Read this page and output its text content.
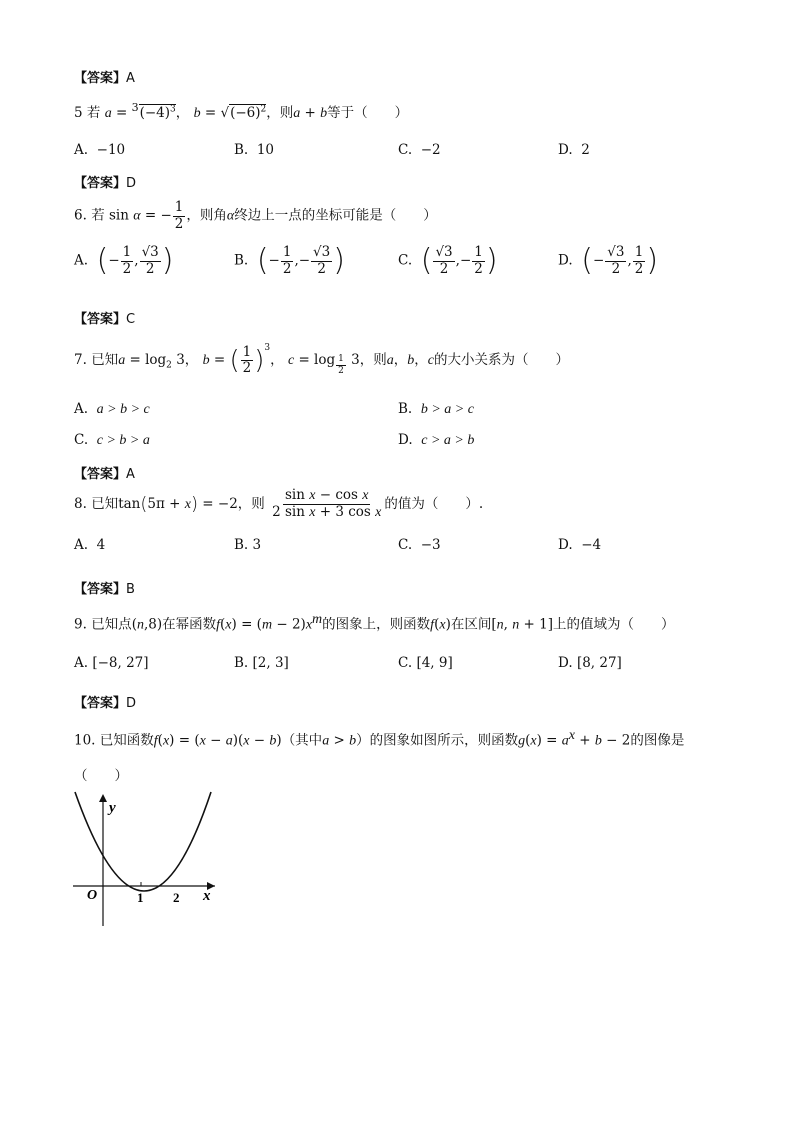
【答案】A
5 若 $a = ^3(-4)^3$， $b = √(-6)^2$，则a + b等于（　　）
A. −10	B. 10	C. −2	D. 2
【答案】D
6. 若 sin α = − $\frac{1}{2}$ ，则角α终边上一点的坐标可能是（　　）
A. (− $\frac{1}{2}$ , $\frac{√3}{2}$ )	B. (− $\frac{1}{2}$ ,− $\frac{√3}{2}$ )	C. ( $\frac{√3}{2}$ ,− $\frac{1}{2}$ )	D. (− $\frac{√3}{2}$ , $\frac{1}{2}$ )
【答案】C
7. 已知$a = \log_2 3$， b = ( $\frac{1}{2} )^3$， c = log $_{\frac{1}{2}}$ 3，则a，b，c的大小关系为（　　）
A. a > b > c	B. b > a > c
C. c > b > a	D. c > a > b
【答案】A
8. 已知tan(5π + x) = −2，则 $\frac{\text{sin x − cos x}}{\text{2 sin x + 3 cos x}}$ 的值为（　　）.
A. 4	B. 3	C. −3	D. −4
【答案】B
9. 已知点(n,8)在幂函数$f(x) = (m - 2)x^m$的图象上，则函数f(x)在区间[n, n + 1]上的值域为（　　）
A. [−8, 27]	B. [2, 3]	C. [4, 9]	D. [8, 27]
【答案】D
10. 已知函数f(x) = (x − a)(x − b)（其中a > b）的图象如图所示，则函数$g(x) = a^x + b - 2$的图像是
（　　）
y
x
O	1 2
